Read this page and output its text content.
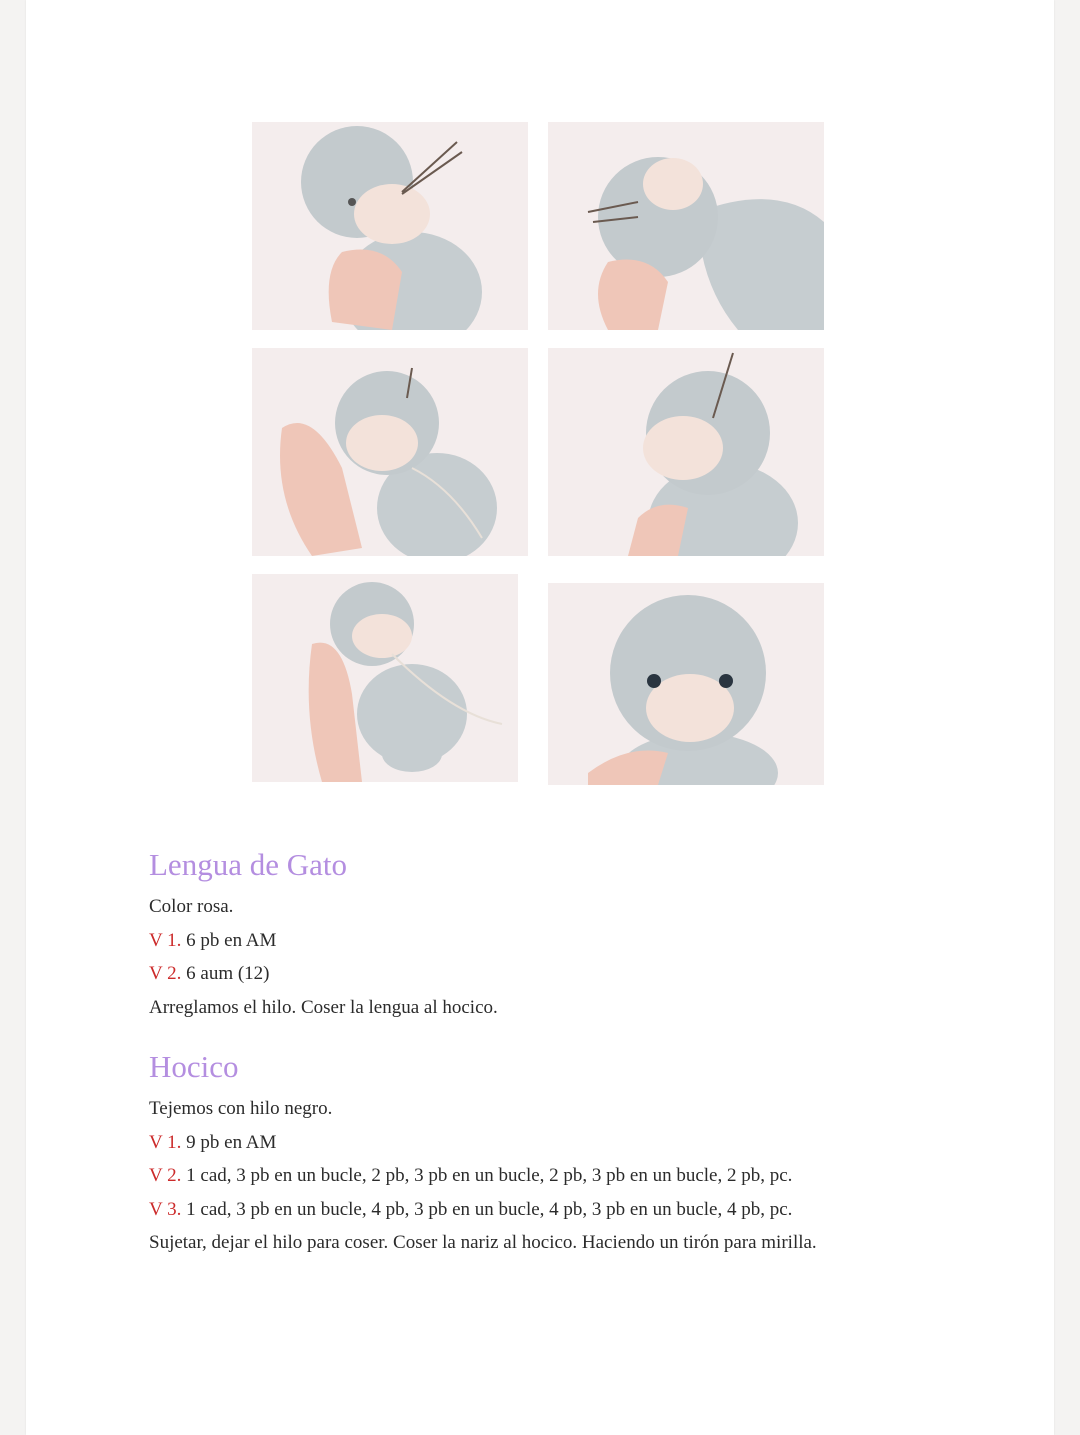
Lengua de Gato
Color rosa.
V 1. 6 pb en AM
V 2. 6 aum (12)
Arreglamos el hilo. Coser la lengua al hocico.
Hocico
Tejemos con hilo negro.
V 1. 9 pb en AM
V 2. 1 cad, 3 pb en un bucle, 2 pb, 3 pb en un bucle, 2 pb, 3 pb en un bucle, 2 pb, pc.
V 3. 1 cad, 3 pb en un bucle, 4 pb, 3 pb en un bucle, 4 pb, 3 pb en un bucle, 4 pb, pc.
Sujetar, dejar el hilo para coser. Coser la nariz al hocico. Haciendo un tirón para mirilla.
